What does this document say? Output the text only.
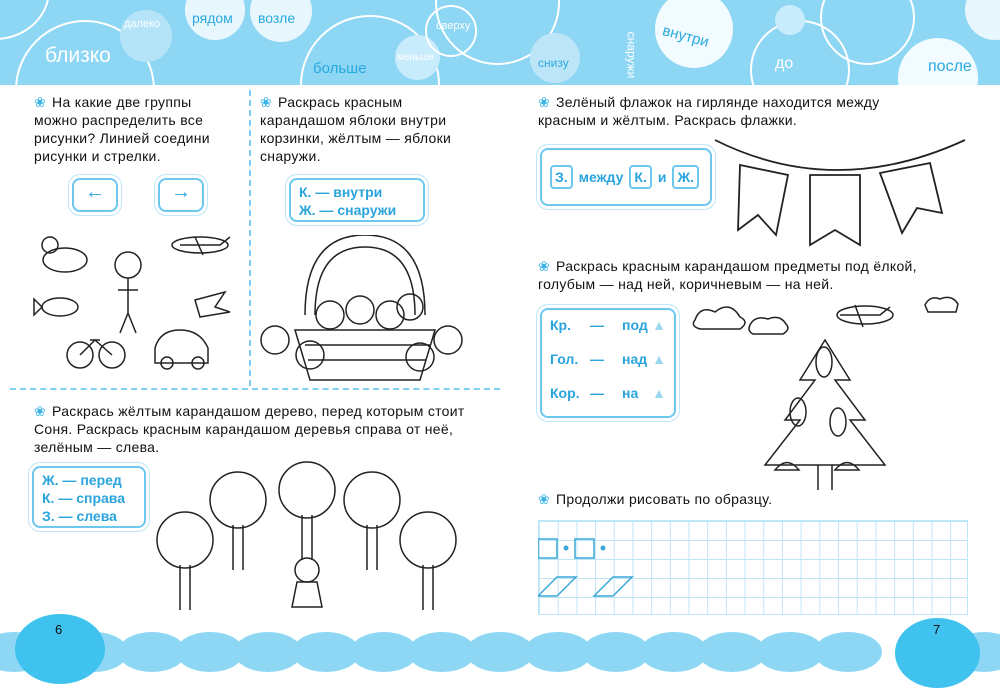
близко
далеко рядом возле
больше
меньше
сверху
снизу	снаружи внутри
до	после
❀ На какие две группы можно распределить все рисунки? Линией соедини рисунки и стрелки.
←	→
❀ Раскрась красным карандашом яблоки внутри корзинки, жёлтым — яблоки снаружи.
К. — внутри
Ж. — снаружи
❀ Раскрась жёлтым карандашом дерево, перед которым стоит Соня. Раскрась красным карандашом деревья справа от неё, зелёным — слева.
Ж. — перед
К. — справа
З. — слева
❀ Зелёный флажок на гирлянде находится между красным и жёлтым. Раскрась флажки.
З. между К. и Ж.
❀ Раскрась красным карандашом предметы под ёлкой, голубым — над ней, коричневым — на ней.
Кр.	—	под ▲
Гол. —	над ▲
Кор. —	на ▲
❀ Продолжи рисовать по образцу.
6	7
